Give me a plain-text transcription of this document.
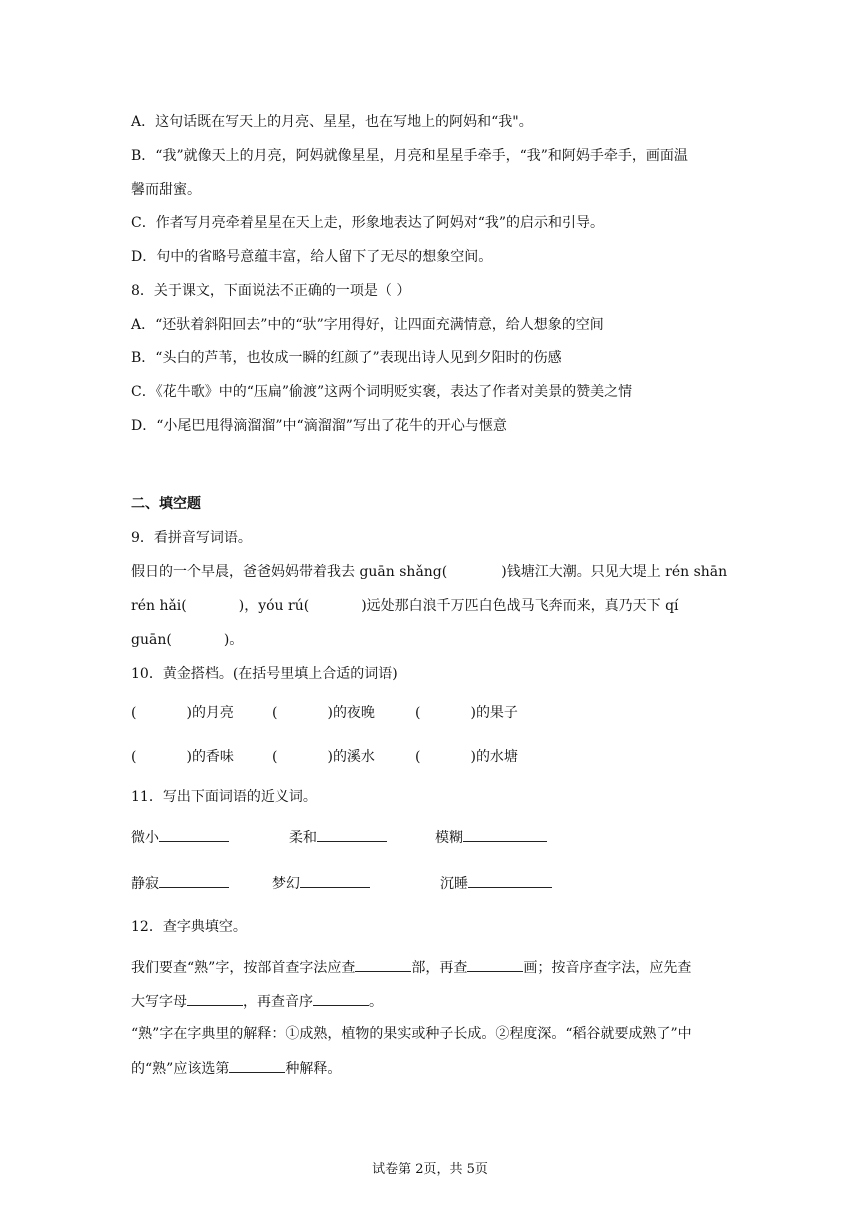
A．这句话既在写天上的月亮、星星，也在写地上的阿妈和“我"。
B．“我”就像天上的月亮，阿妈就像星星，月亮和星星手牵手，“我”和阿妈手牵手，画面温
馨而甜蜜。
C．作者写月亮牵着星星在天上走，形象地表达了阿妈对“我”的启示和引导。
D．句中的省略号意蕴丰富，给人留下了无尽的想象空间。
8．关于课文，下面说法不正确的一项是（ ）
A．“还驮着斜阳回去”中的“驮”字用得好，让四面充满情意，给人想象的空间
B．“头白的芦苇，也妆成一瞬的红颜了”表现出诗人见到夕阳时的伤感
C．《花牛歌》中的“压扁”偷渡”这两个词明贬实褒，表达了作者对美景的赞美之情
D．“小尾巴甩得滴溜溜”中“滴溜溜”写出了花牛的开心与惬意
二、填空题
9．看拼音写词语。
假日的一个早晨，爸爸妈妈带着我去 guān shǎng(	)钱塘江大潮。只见大堤上 rén shān
rén hǎi(	)，yóu rú(	)远处那白浪千万匹白色战马飞奔而来，真乃天下 qí
guān(	)。
10．黄金搭档。(在括号里填上合适的词语)
(	)的月亮	(	)的夜晚	(	)的果子
(	)的香味	(	)的溪水	(	)的水塘
11．写出下面词语的近义词。
微小	柔和	模糊
静寂	梦幻	沉睡
12．查字典填空。
我们要查“熟”字，按部首查字法应查	部，再查	画；按音序查字法，应先查
大写字母	，再查音序	。
“熟”字在字典里的解释：①成熟，植物的果实或种子长成。②程度深。“稻谷就要成熟了”中
的“熟”应该选第	种解释。
试卷第 2页，共 5页
